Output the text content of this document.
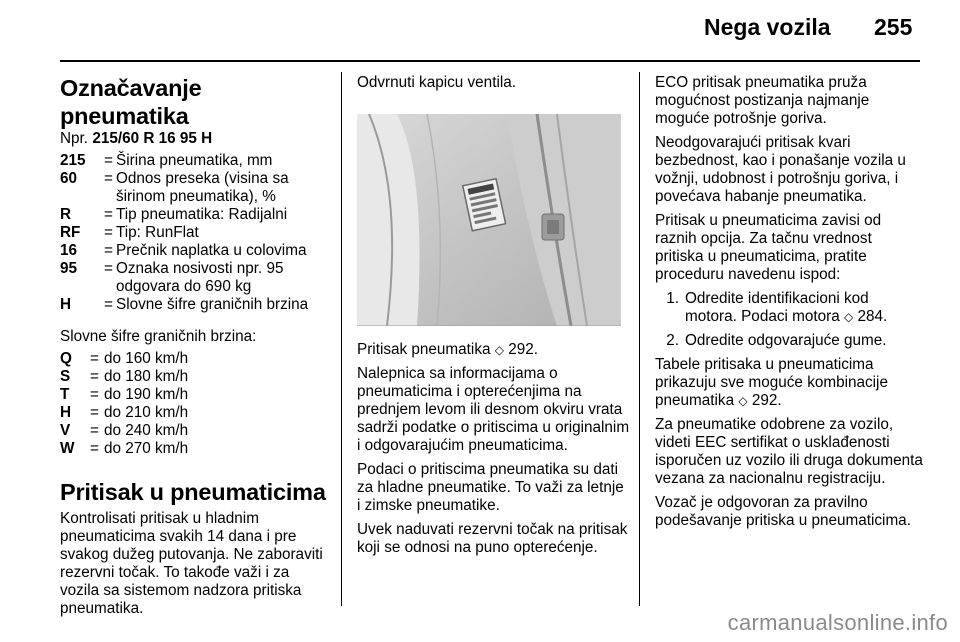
Nega vozila 255
Označavanje pneumatika

Npr. 215/60 R 16 95 H

215	= Širina pneumatika, mm
60	= Odnos preseka (visina sa širinom pneumatika), %
R	= Tip pneumatika: Radijalni
RF	= Tip: RunFlat
16	= Prečnik naplatka u colovima
95	= Oznaka nosivosti npr. 95 odgovara do 690 kg
H	= Slovne šifre graničnih brzina

Slovne šifre graničnih brzina:

Q	= do 160 km/h
S	= do 180 km/h
T	= do 190 km/h
H	= do 210 km/h
V	= do 240 km/h
W	= do 270 km/h
Pritisak u pneumaticima

Kontrolisati pritisak u hladnim pneumaticima svakih 14 dana i pre svakog dužeg putovanja. Ne zaboraviti rezervni točak. To takođe važi i za vozila sa sistemom nadzora pritiska pneumatika.

Odvrnuti kapicu ventila.

Pritisak pneumatika ◇ 292.

Nalepnica sa informacijama o pneumaticima i opterećenjima na prednjem levom ili desnom okviru vrata sadrži podatke o pritiscima u originalnim i odgovarajućim pneumaticima.

Podaci o pritiscima pneumatika su dati za hladne pneumatike. To važi za letnje i zimske pneumatike.

Uvek naduvati rezervni točak na pritisak koji se odnosi na puno opterećenje.

ECO pritisak pneumatika pruža mogućnost postizanja najmanje moguće potrošnje goriva.

Neodgovarajući pritisak kvari bezbednost, kao i ponašanje vozila u vožnji, udobnost i potrošnju goriva, i povećava habanje pneumatika.

Pritisak u pneumaticima zavisi od raznih opcija. Za tačnu vrednost pritiska u pneumaticima, pratite proceduru navedenu ispod:

1. Odredite identifikacioni kod motora. Podaci motora ◇ 284.
2. Odredite odgovarajuće gume.

Tabele pritisaka u pneumaticima prikazuju sve moguće kombinacije pneumatika ◇ 292.

Za pneumatike odobrene za vozilo, videti EEC sertifikat o usklađenosti isporučen uz vozilo ili druga dokumenta vezana za nacionalnu registraciju.

Vozač je odgovoran za pravilno podešavanje pritiska u pneumaticima.

carmanualsonline.info
